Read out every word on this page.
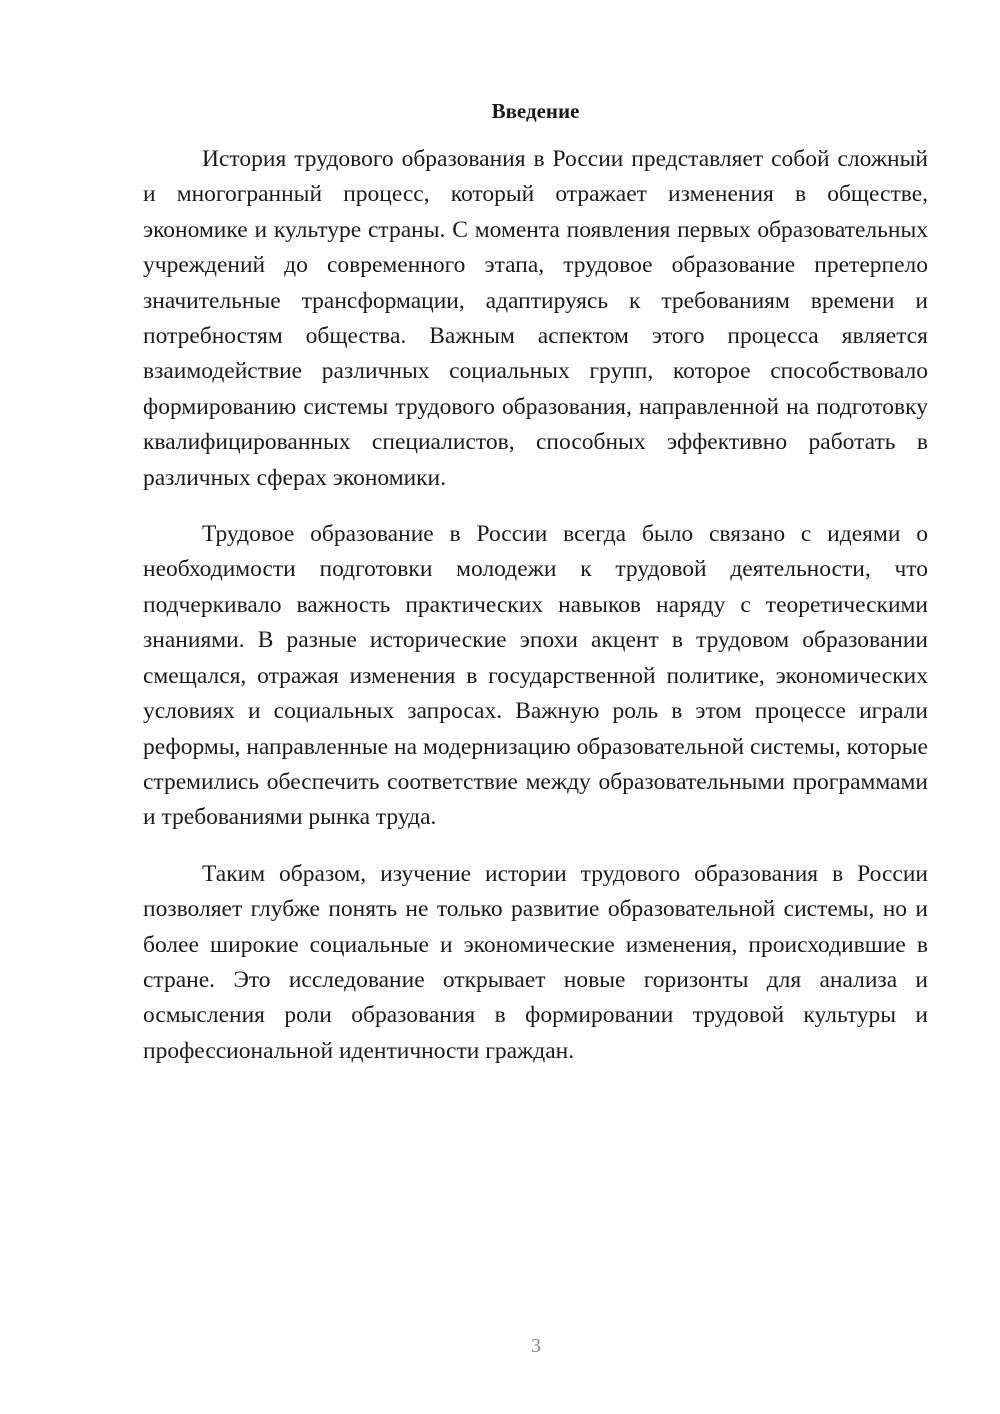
Введение

История трудового образования в России представляет собой сложный и многогранный процесс, который отражает изменения в обществе, экономике и культуре страны. С момента появления первых образовательных учреждений до современного этапа, трудовое образование претерпело значительные трансформации, адаптируясь к требованиям времени и потребностям общества. Важным аспектом этого процесса является взаимодействие различных социальных групп, которое способствовало формированию системы трудового образования, направленной на подготовку квалифицированных специалистов, способных эффективно работать в различных сферах экономики.

Трудовое образование в России всегда было связано с идеями о необходимости подготовки молодежи к трудовой деятельности, что подчеркивало важность практических навыков наряду с теоретическими знаниями. В разные исторические эпохи акцент в трудовом образовании смещался, отражая изменения в государственной политике, экономических условиях и социальных запросах. Важную роль в этом процессе играли реформы, направленные на модернизацию образовательной системы, которые стремились обеспечить соответствие между образовательными программами и требованиями рынка труда.

Таким образом, изучение истории трудового образования в России позволяет глубже понять не только развитие образовательной системы, но и более широкие социальные и экономические изменения, происходившие в стране. Это исследование открывает новые горизонты для анализа и осмысления роли образования в формировании трудовой культуры и профессиональной идентичности граждан.

3
